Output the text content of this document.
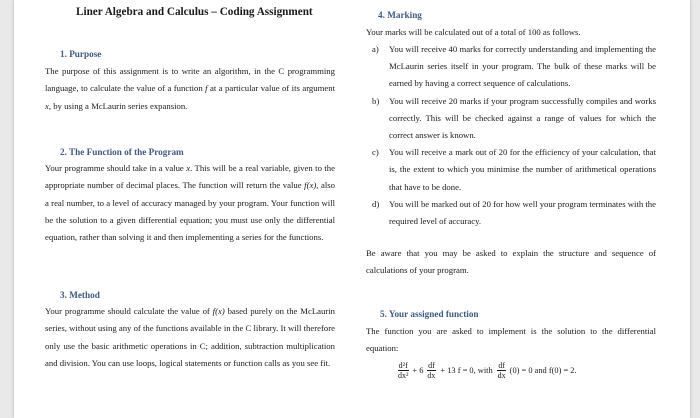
Liner Algebra and Calculus – Coding Assignment
1. Purpose
The purpose of this assignment is to write an algorithm, in the C programming language, to calculate the value of a function f at a particular value of its argument x, by using a McLaurin series expansion.
2. The Function of the Program
Your programme should take in a value x. This will be a real variable, given to the appropriate number of decimal places. The function will return the value f(x), also a real number, to a level of accuracy managed by your program. Your function will be the solution to a given differential equation; you must use only the differential equation, rather than solving it and then implementing a series for the functions.
3. Method
Your programme should calculate the value of f(x) based purely on the McLaurin series, without using any of the functions available in the C library. It will therefore only use the basic arithmetic operations in C; addition, subtraction multiplication and division. You can use loops, logical statements or function calls as you see fit.
4. Marking
Your marks will be calculated out of a total of 100 as follows.
a) You will receive 40 marks for correctly understanding and implementing the McLaurin series itself in your program. The bulk of these marks will be earned by having a correct sequence of calculations.
b) You will receive 20 marks if your program successfully compiles and works correctly. This will be checked against a range of values for which the correct answer is known.
c) You will receive a mark out of 20 for the efficiency of your calculation, that is, the extent to which you minimise the number of arithmetical operations that have to be done.
d) You will be marked out of 20 for how well your program terminates with the required level of accuracy.
Be aware that you may be asked to explain the structure and sequence of calculations of your program.
5. Your assigned function
The function you are asked to implement is the solution to the differential equation:
$\frac{\text{d²f}}{\text{dx²}} + 6 \frac{df}{dx} + 13$ f = 0, with $\frac{df}{dx} (0) = 0$ and f(0) = 2.
